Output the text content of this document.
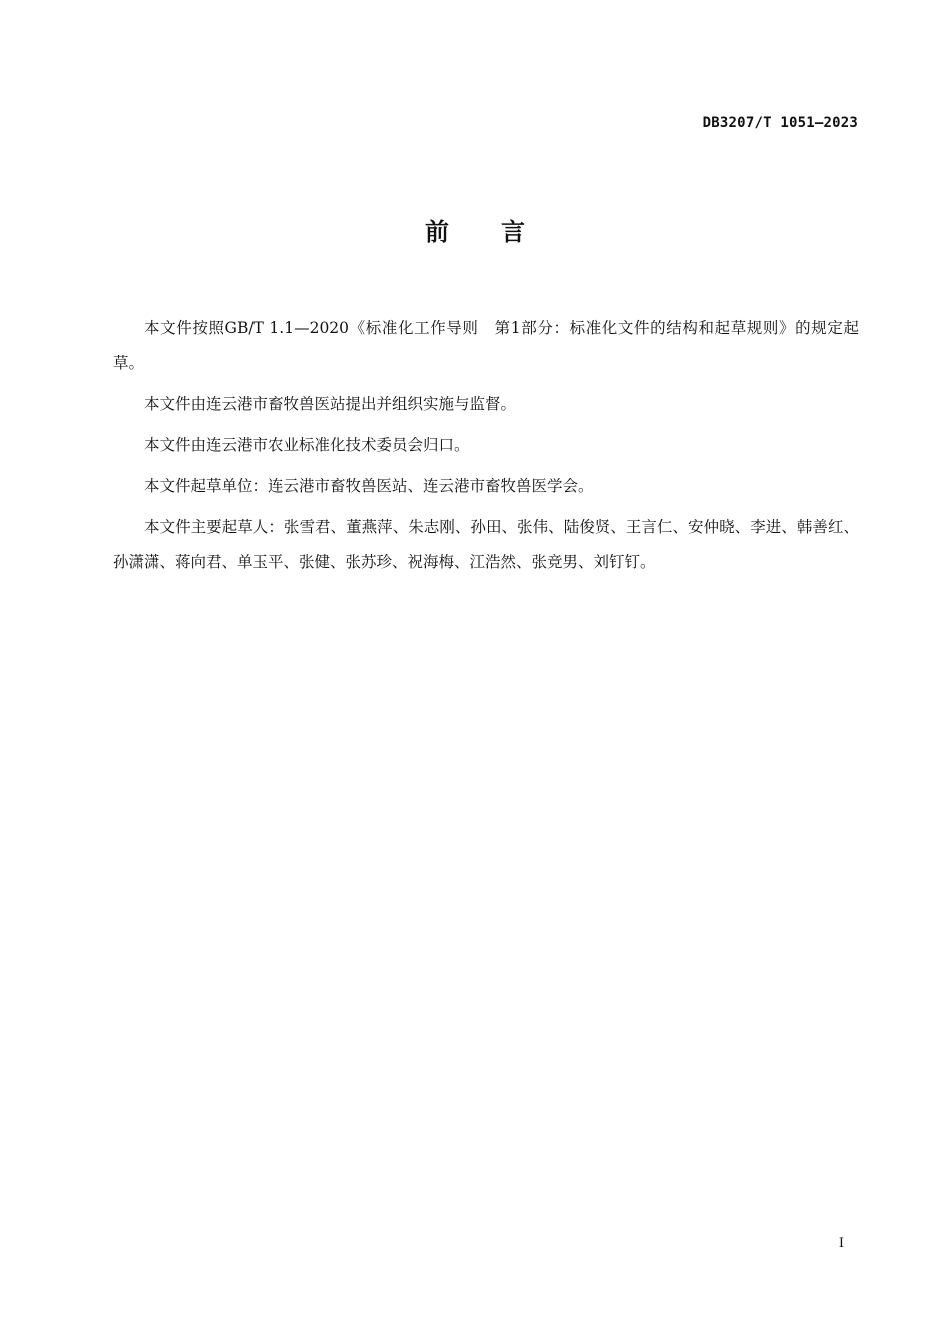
DB3207/T 1051—2023
前 言

本文件按照GB/T 1.1—2020《标准化工作导则　第1部分：标准化文件的结构和起草规则》的规定起草。

本文件由连云港市畜牧兽医站提出并组织实施与监督。

本文件由连云港市农业标准化技术委员会归口。

本文件起草单位：连云港市畜牧兽医站、连云港市畜牧兽医学会。

本文件主要起草人：张雪君、董燕萍、朱志刚、孙田、张伟、陆俊贤、王言仁、安仲晓、李进、韩善红、孙潇潇、蒋向君、单玉平、张健、张苏珍、祝海梅、江浩然、张竞男、刘钉钉。

I
